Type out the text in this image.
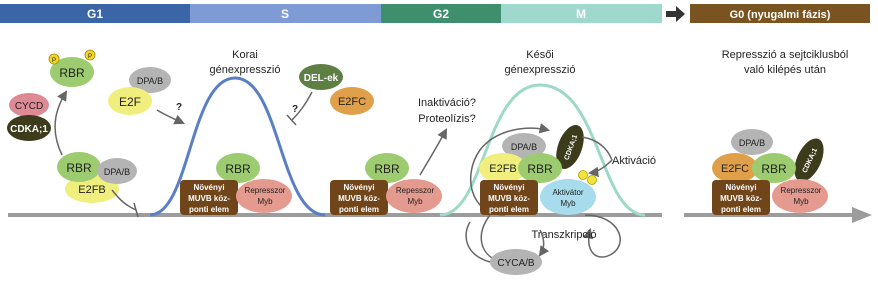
G1	S	G2	M	G0 (nyugalmi fázis)
Korai
génexpresszió
Késői
génexpresszió
Represszió a sejtciklusból
való kilépés után
RBR
P
P
CYCD
CDKA;1
E2FB
RBR DPA/B
DPA/B
E2F	?
DEL-ek
E2FC
?
RBR
Növényi
MUVB köz-
ponti elem
Represszor
Myb
RBR
Növényi
MUVB köz-
ponti elem
Repesszor
Myb
Inaktiváció?
Proteolízis?
DPA/B	CDKA;1
E2FB RBR
Növényi
MUVB köz-
ponti elem
Aktivátor
Myb
Aktiváció
Transzkripció
CYCA/B
DPA/B
CDKA;1
E2FC RBR
Növényi
MUVB köz-
ponti elem
Represszor
Myb
